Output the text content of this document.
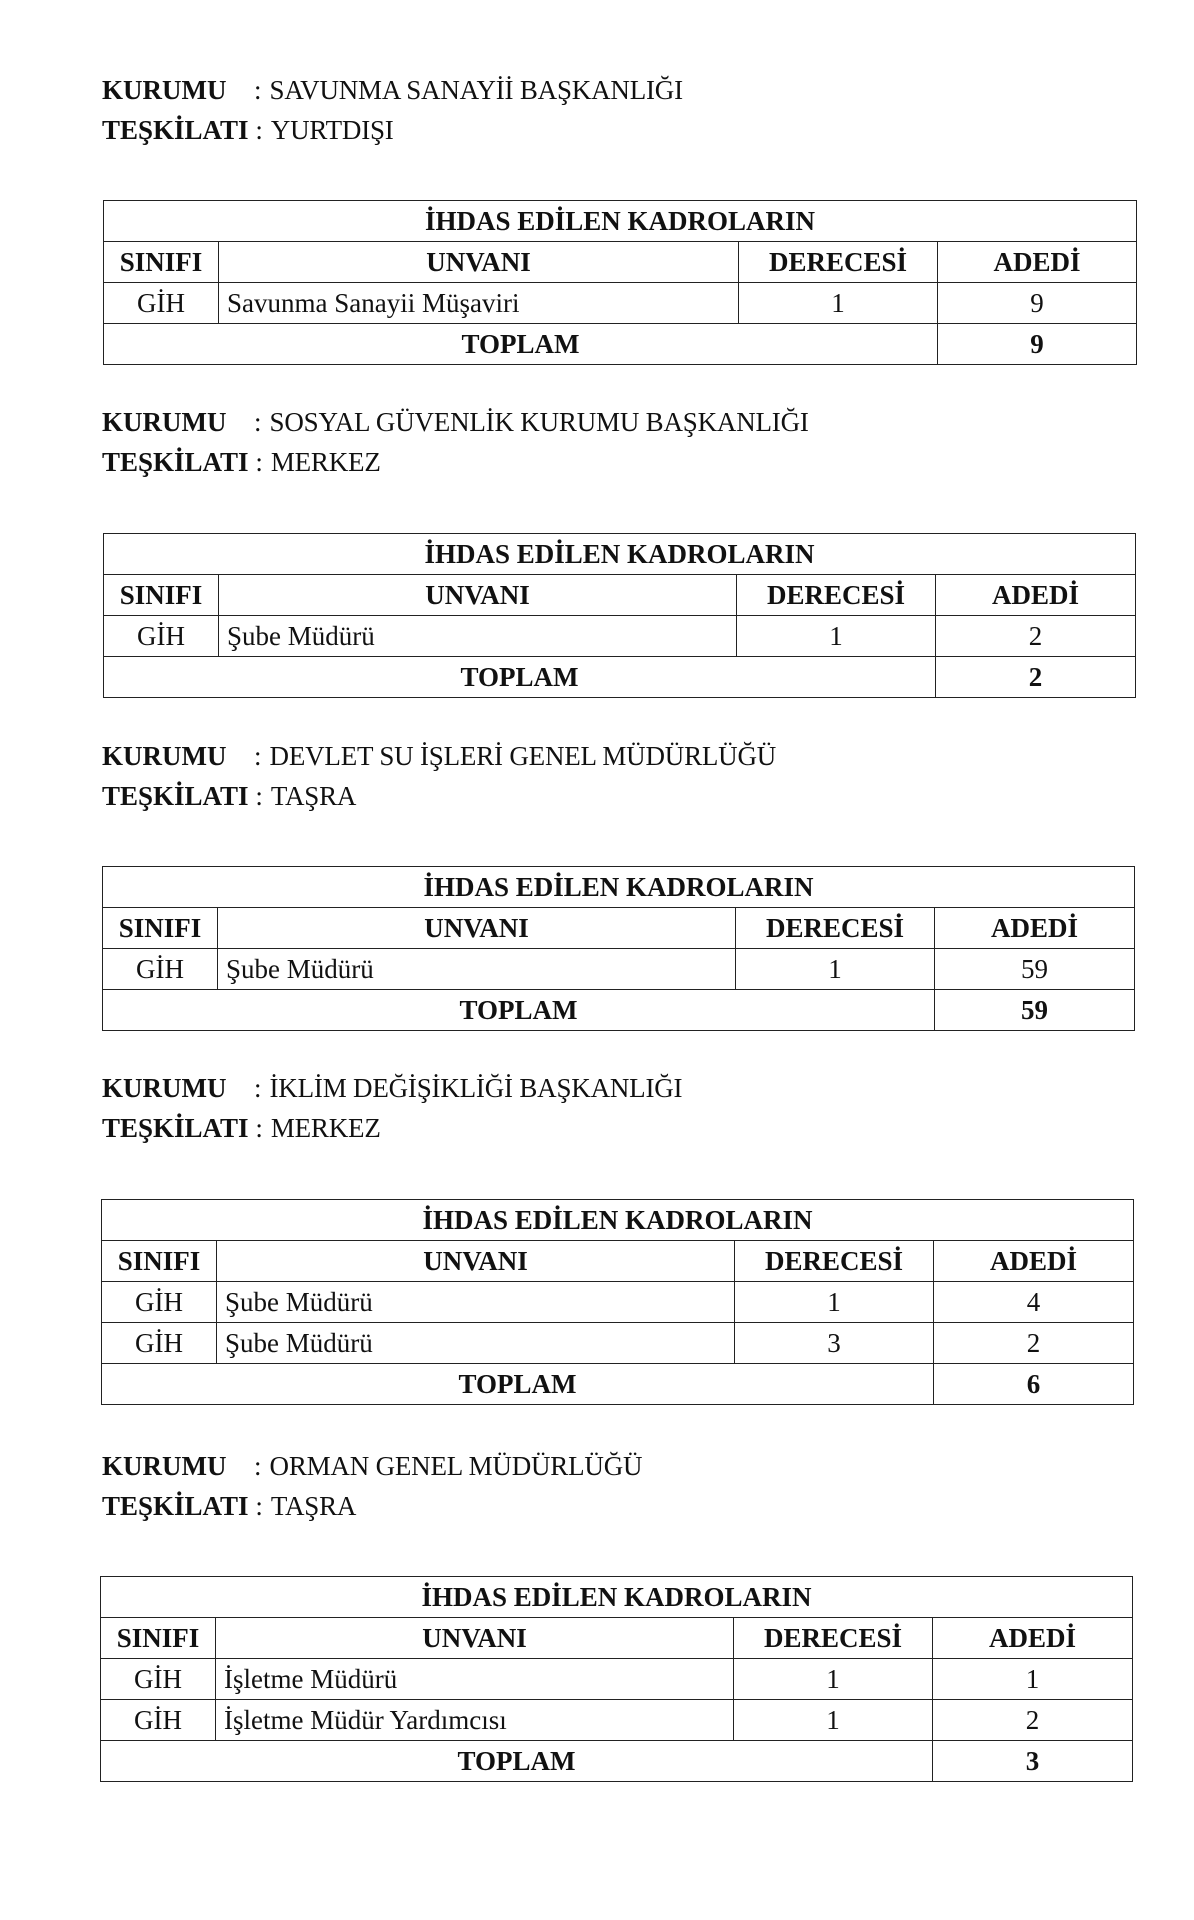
KURUMU : SAVUNMA SANAYİİ BAŞKANLIĞI
TEŞKİLATI : YURTDIŞI
İHDAS EDİLEN KADROLARIN			
SINIFI	UNVANI	DERECESİ	ADEDİ
GİH	Savunma Sanayii Müşaviri	1	9
TOPLAM			9
KURUMU : SOSYAL GÜVENLİK KURUMU BAŞKANLIĞI
TEŞKİLATI : MERKEZ
İHDAS EDİLEN KADROLARIN			
SINIFI	UNVANI	DERECESİ	ADEDİ
GİH	Şube Müdürü	1	2
TOPLAM			2
KURUMU : DEVLET SU İŞLERİ GENEL MÜDÜRLÜĞÜ
TEŞKİLATI : TAŞRA
İHDAS EDİLEN KADROLARIN			
SINIFI	UNVANI	DERECESİ	ADEDİ
GİH	Şube Müdürü	1	59
TOPLAM			59
KURUMU : İKLİM DEĞİŞİKLİĞİ BAŞKANLIĞI
TEŞKİLATI : MERKEZ
İHDAS EDİLEN KADROLARIN			
SINIFI	UNVANI	DERECESİ	ADEDİ
GİH	Şube Müdürü	1	4
GİH	Şube Müdürü	3	2
TOPLAM			6
KURUMU : ORMAN GENEL MÜDÜRLÜĞÜ
TEŞKİLATI : TAŞRA
İHDAS EDİLEN KADROLARIN			
SINIFI	UNVANI	DERECESİ	ADEDİ
GİH	İşletme Müdürü	1	1
GİH	İşletme Müdür Yardımcısı	1	2
TOPLAM			3
